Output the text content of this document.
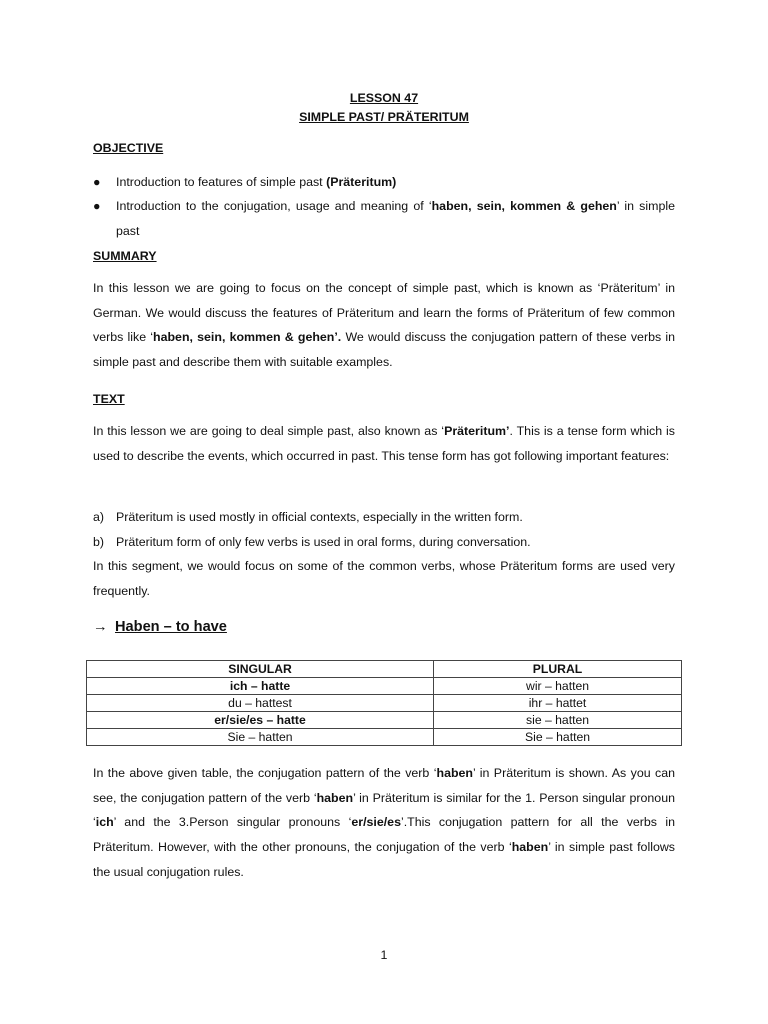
LESSON 47
SIMPLE PAST/ PRÄTERITUM
OBJECTIVE
● Introduction to features of simple past (Präteritum)
● Introduction to the conjugation, usage and meaning of ‘haben, sein, kommen & gehen’ in simple past
SUMMARY
In this lesson we are going to focus on the concept of simple past, which is known as ‘Präteritum’ in German. We would discuss the features of Präteritum and learn the forms of Präteritum of few common verbs like ‘haben, sein, kommen & gehen’. We would discuss the conjugation pattern of these verbs in simple past and describe them with suitable examples.
TEXT
In this lesson we are going to deal simple past, also known as ‘Präteritum’. This is a tense form which is used to describe the events, which occurred in past. This tense form has got following important features:
a) Präteritum is used mostly in official contexts, especially in the written form.
b) Präteritum form of only few verbs is used in oral forms, during conversation.
In this segment, we would focus on some of the common verbs, whose Präteritum forms are used very frequently.
→ Haben – to have
SINGULAR	PLURAL
ich – hatte	wir – hatten
du – hattest	ihr – hattet
er/sie/es – hatte	sie – hatten
Sie – hatten	Sie – hatten
In the above given table, the conjugation pattern of the verb ‘haben’ in Präteritum is shown. As you can see, the conjugation pattern of the verb ‘haben’ in Präteritum is similar for the 1. Person singular pronoun ‘ich’ and the 3.Person singular pronouns ‘er/sie/es’.This conjugation pattern for all the verbs in Präteritum. However, with the other pronouns, the conjugation of the verb ‘haben’ in simple past follows the usual conjugation rules.
1
